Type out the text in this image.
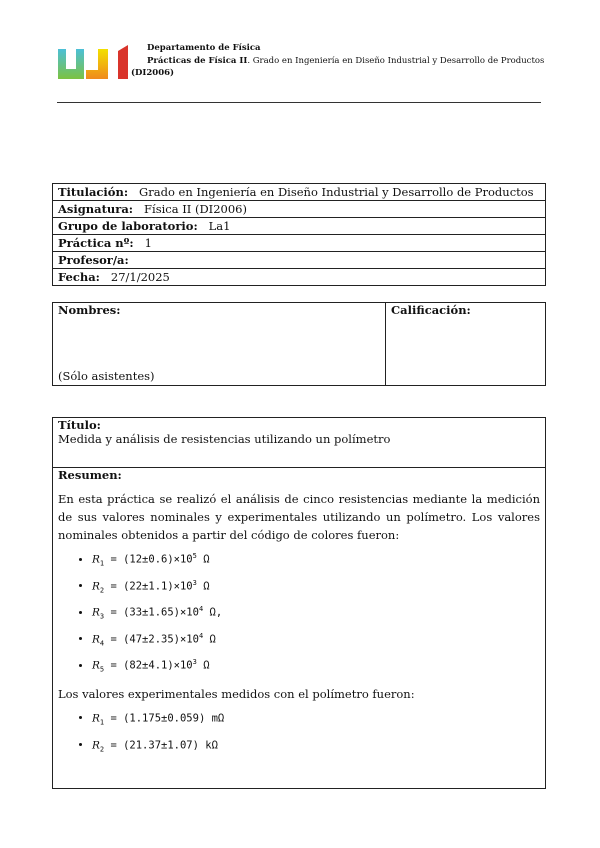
Departamento de Física
Prácticas de Física II. Grado en Ingeniería en Diseño Industrial y Desarrollo de Productos
(DI2006)
Titulación: Grado en Ingeniería en Diseño Industrial y Desarrollo de Productos
Asignatura: Física II (DI2006)
Grupo de laboratorio: La1
Práctica nº: 1
Profesor/a:
Fecha: 27/1/2025
Nombres:
(Sólo asistentes)
	Calificación:
Título:
Medida y análisis de resistencias utilizando un polímetro

Resumen:

En esta práctica se realizó el análisis de cinco resistencias mediante la medición de sus valores nominales y experimentales utilizando un polímetro. Los valores nominales obtenidos a partir del código de colores fueron:

• $R_1 = (12\pm 0.6)\times 10^5$ Ω
• $R_2 = (22\pm 1.1)\times 10^3$ Ω
• $R_3 = (33\pm 1.65)\times 10^4$ Ω,
• $R_4 = (47\pm 2.35)\times 10^4$ Ω
• $R_5 = (82\pm 4.1)\times 10^3$ Ω

Los valores experimentales medidos con el polímetro fueron:

• $R_1 = (1.175\pm 0.059)$ mΩ
• $R_2 = (21.37\pm 1.07)$ kΩ
